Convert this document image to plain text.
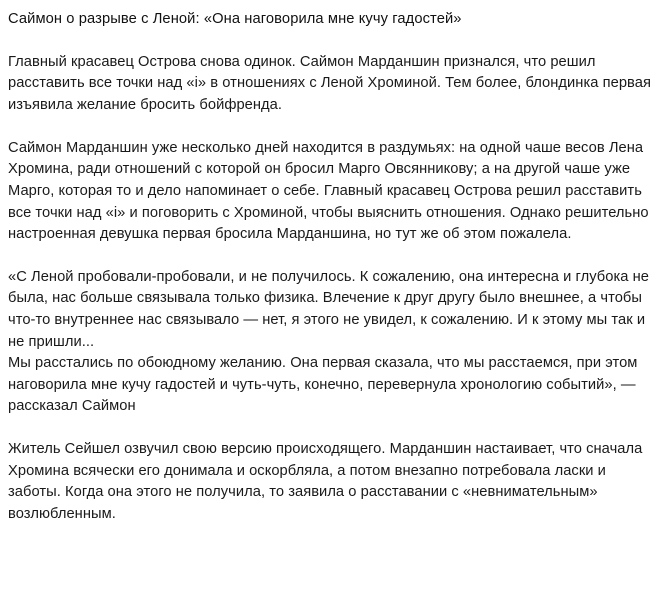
Саймон о разрыве с Леной: «Она наговорила мне кучу гадостей»

Главный красавец Острова снова одинок. Саймон Марданшин признался, что решил расставить все точки над «i» в отношениях с Леной Хроминой. Тем более, блондинка первая изъявила желание бросить бойфренда.

Саймон Марданшин уже несколько дней находится в раздумьях: на одной чаше весов Лена Хромина, ради отношений с которой он бросил Марго Овсянникову; а на другой чаше уже Марго, которая то и дело напоминает о себе. Главный красавец Острова решил расставить все точки над «i» и поговорить с Хроминой, чтобы выяснить отношения. Однако решительно настроенная девушка первая бросила Марданшина, но тут же об этом пожалела.

«С Леной пробовали-пробовали, и не получилось. К сожалению, она интересна и глубока не была, нас больше связывала только физика. Влечение к друг другу было внешнее, а чтобы что-то внутреннее нас связывало — нет, я этого не увидел, к сожалению. И к этому мы так и не пришли...

Мы расстались по обоюдному желанию. Она первая сказала, что мы расстаемся, при этом наговорила мне кучу гадостей и чуть-чуть, конечно, перевернула хронологию событий», — рассказал Саймон

Житель Сейшел озвучил свою версию происходящего. Марданшин настаивает, что сначала Хромина всячески его донимала и оскорбляла, а потом внезапно потребовала ласки и заботы. Когда она этого не получила, то заявила о расставании с «невнимательным» возлюбленным.
